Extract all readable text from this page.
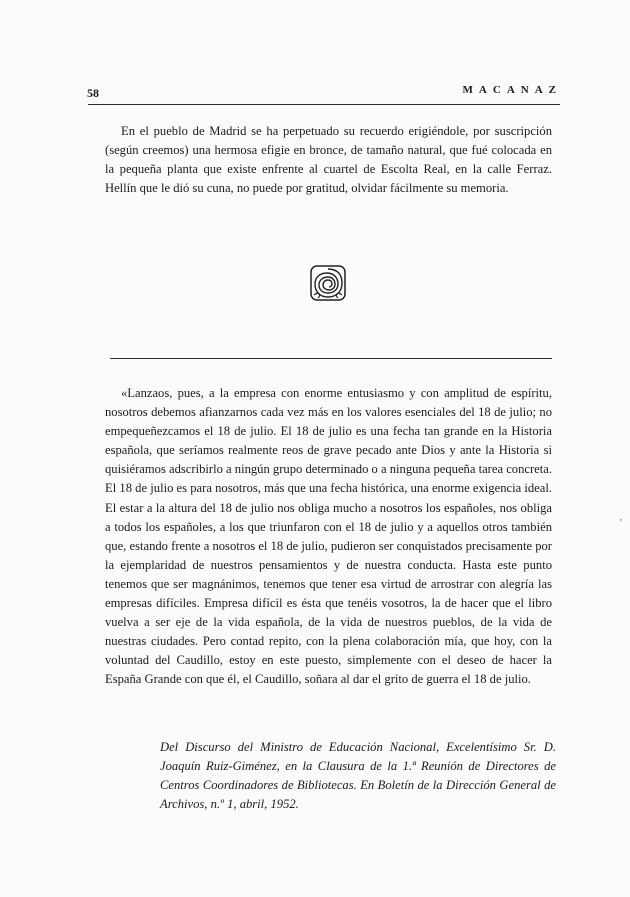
58	MACANAZ

En el pueblo de Madrid se ha perpetuado su recuerdo erigiéndole, por suscripción (según creemos) una hermosa efigie en bronce, de tamaño natural, que fué colocada en la pequeña planta que existe enfrente al cuartel de Escolta Real, en la calle Ferraz. Hellín que le dió su cuna, no puede por gratitud, olvidar fácilmente su memoria.

«Lanzaos, pues, a la empresa con enorme entusiasmo y con amplitud de espíritu, nosotros debemos afianzarnos cada vez más en los valores esenciales del 18 de julio; no empequeñezcamos el 18 de julio. El 18 de julio es una fecha tan grande en la Historia española, que seríamos realmente reos de grave pecado ante Dios y ante la Historia si quisiéramos adscribirlo a ningún grupo determinado o a ninguna pequeña tarea concreta. El 18 de julio es para nosotros, más que una fecha histórica, una enorme exigencia ideal. El estar a la altura del 18 de julio nos obliga mucho a nosotros los españoles, nos obliga a todos los españoles, a los que triunfaron con el 18 de julio y a aquellos otros también que, estando frente a nosotros el 18 de julio, pudieron ser conquistados precisamente por la ejemplaridad de nuestros pensamientos y de nuestra conducta. Hasta este punto tenemos que ser magnánimos, tenemos que tener esa virtud de arrostrar con alegría las empresas difíciles. Empresa difícil es ésta que tenéis vosotros, la de hacer que el libro vuelva a ser eje de la vida española, de la vida de nuestros pueblos, de la vida de nuestras ciudades. Pero contad repito, con la plena colaboración mía, que hoy, con la voluntad del Caudillo, estoy en este puesto, simplemente con el deseo de hacer la España Grande con que él, el Caudillo, soñara al dar el grito de guerra el 18 de julio.

Del Discurso del Ministro de Educación Nacional, Excelentísimo Sr. D. Joaquín Ruiz-Giménez, en la Clausura de la 1.ª Reunión de Directores de Centros Coordinadores de Bibliotecas. En Boletín de la Dirección General de Archivos, n.º 1, abril, 1952.

'
